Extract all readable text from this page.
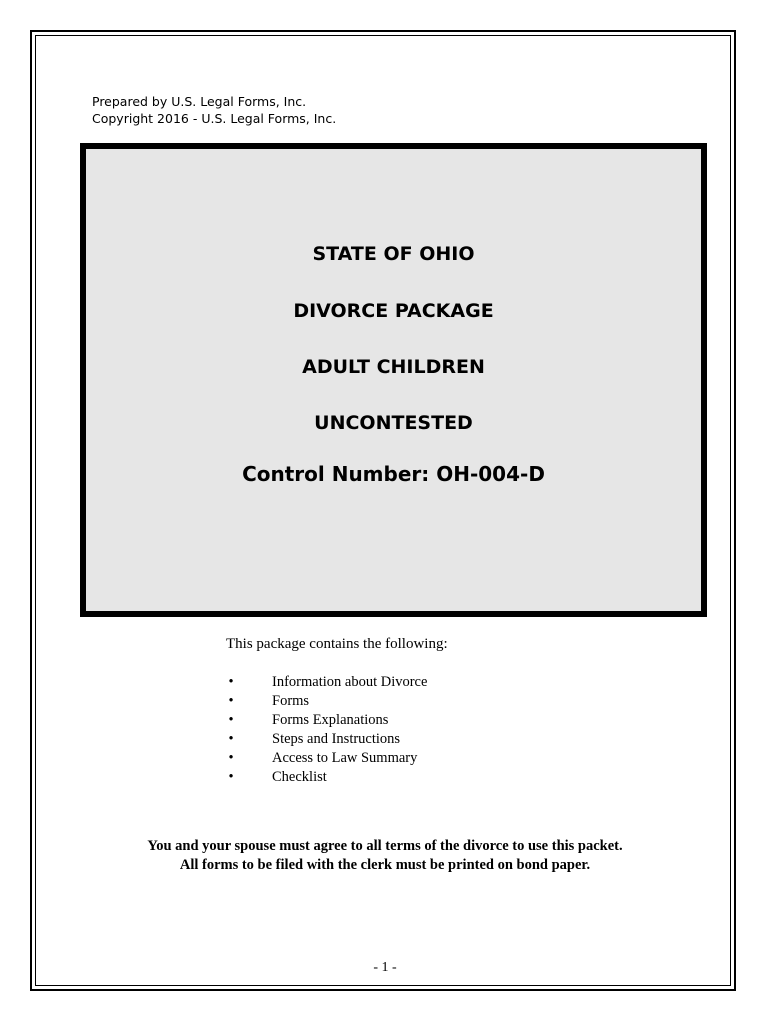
Prepared by U.S. Legal Forms, Inc.
Copyright 2016 - U.S. Legal Forms, Inc.
STATE OF OHIO
DIVORCE PACKAGE
ADULT CHILDREN
UNCONTESTED
Control Number: OH-004-D
This package contains the following:
•	Information about Divorce
•	Forms
•	Forms Explanations
•	Steps and Instructions
•	Access to Law Summary
•	Checklist
You and your spouse must agree to all terms of the divorce to use this packet.
All forms to be filed with the clerk must be printed on bond paper.
- 1 -
